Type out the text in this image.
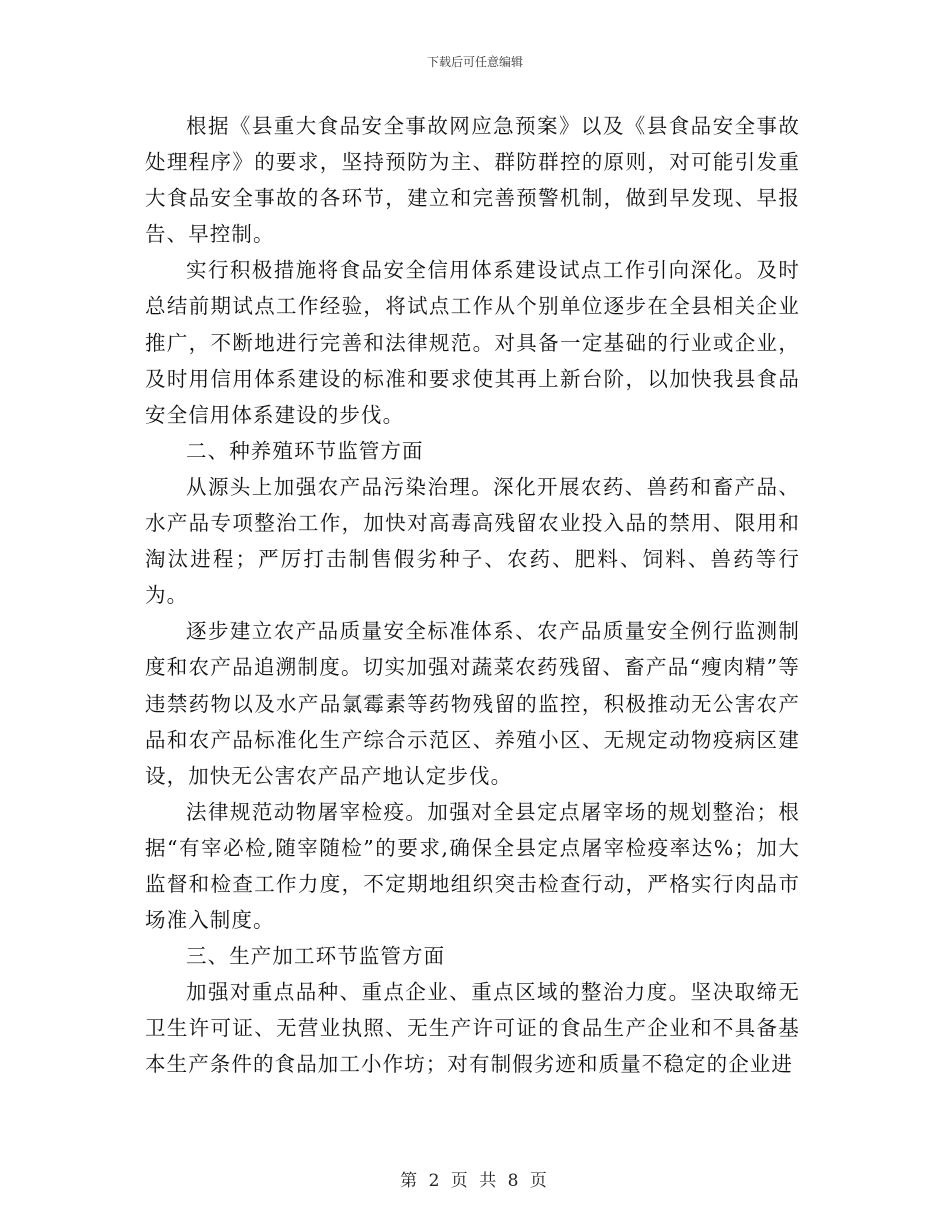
下载后可任意编辑

根据《县重大食品安全事故网应急预案》以及《县食品安全事故处理程序》的要求，坚持预防为主、群防群控的原则，对可能引发重大食品安全事故的各环节，建立和完善预警机制，做到早发现、早报告、早控制。

实行积极措施将食品安全信用体系建设试点工作引向深化。及时总结前期试点工作经验，将试点工作从个别单位逐步在全县相关企业推广，不断地进行完善和法律规范。对具备一定基础的行业或企业，及时用信用体系建设的标准和要求使其再上新台阶，以加快我县食品安全信用体系建设的步伐。

二、种养殖环节监管方面

从源头上加强农产品污染治理。深化开展农药、兽药和畜产品、水产品专项整治工作，加快对高毒高残留农业投入品的禁用、限用和淘汰进程；严厉打击制售假劣种子、农药、肥料、饲料、兽药等行为。

逐步建立农产品质量安全标准体系、农产品质量安全例行监测制度和农产品追溯制度。切实加强对蔬菜农药残留、畜产品“瘦肉精”等违禁药物以及水产品氯霉素等药物残留的监控，积极推动无公害农产品和农产品标准化生产综合示范区、养殖小区、无规定动物疫病区建设，加快无公害农产品产地认定步伐。

法律规范动物屠宰检疫。加强对全县定点屠宰场的规划整治；根据“有宰必检,随宰随检”的要求,确保全县定点屠宰检疫率达%；加大监督和检查工作力度，不定期地组织突击检查行动，严格实行肉品市场准入制度。

三、生产加工环节监管方面

加强对重点品种、重点企业、重点区域的整治力度。坚决取缔无卫生许可证、无营业执照、无生产许可证的食品生产企业和不具备基本生产条件的食品加工小作坊；对有制假劣迹和质量不稳定的企业进

第 2 页 共 8 页
